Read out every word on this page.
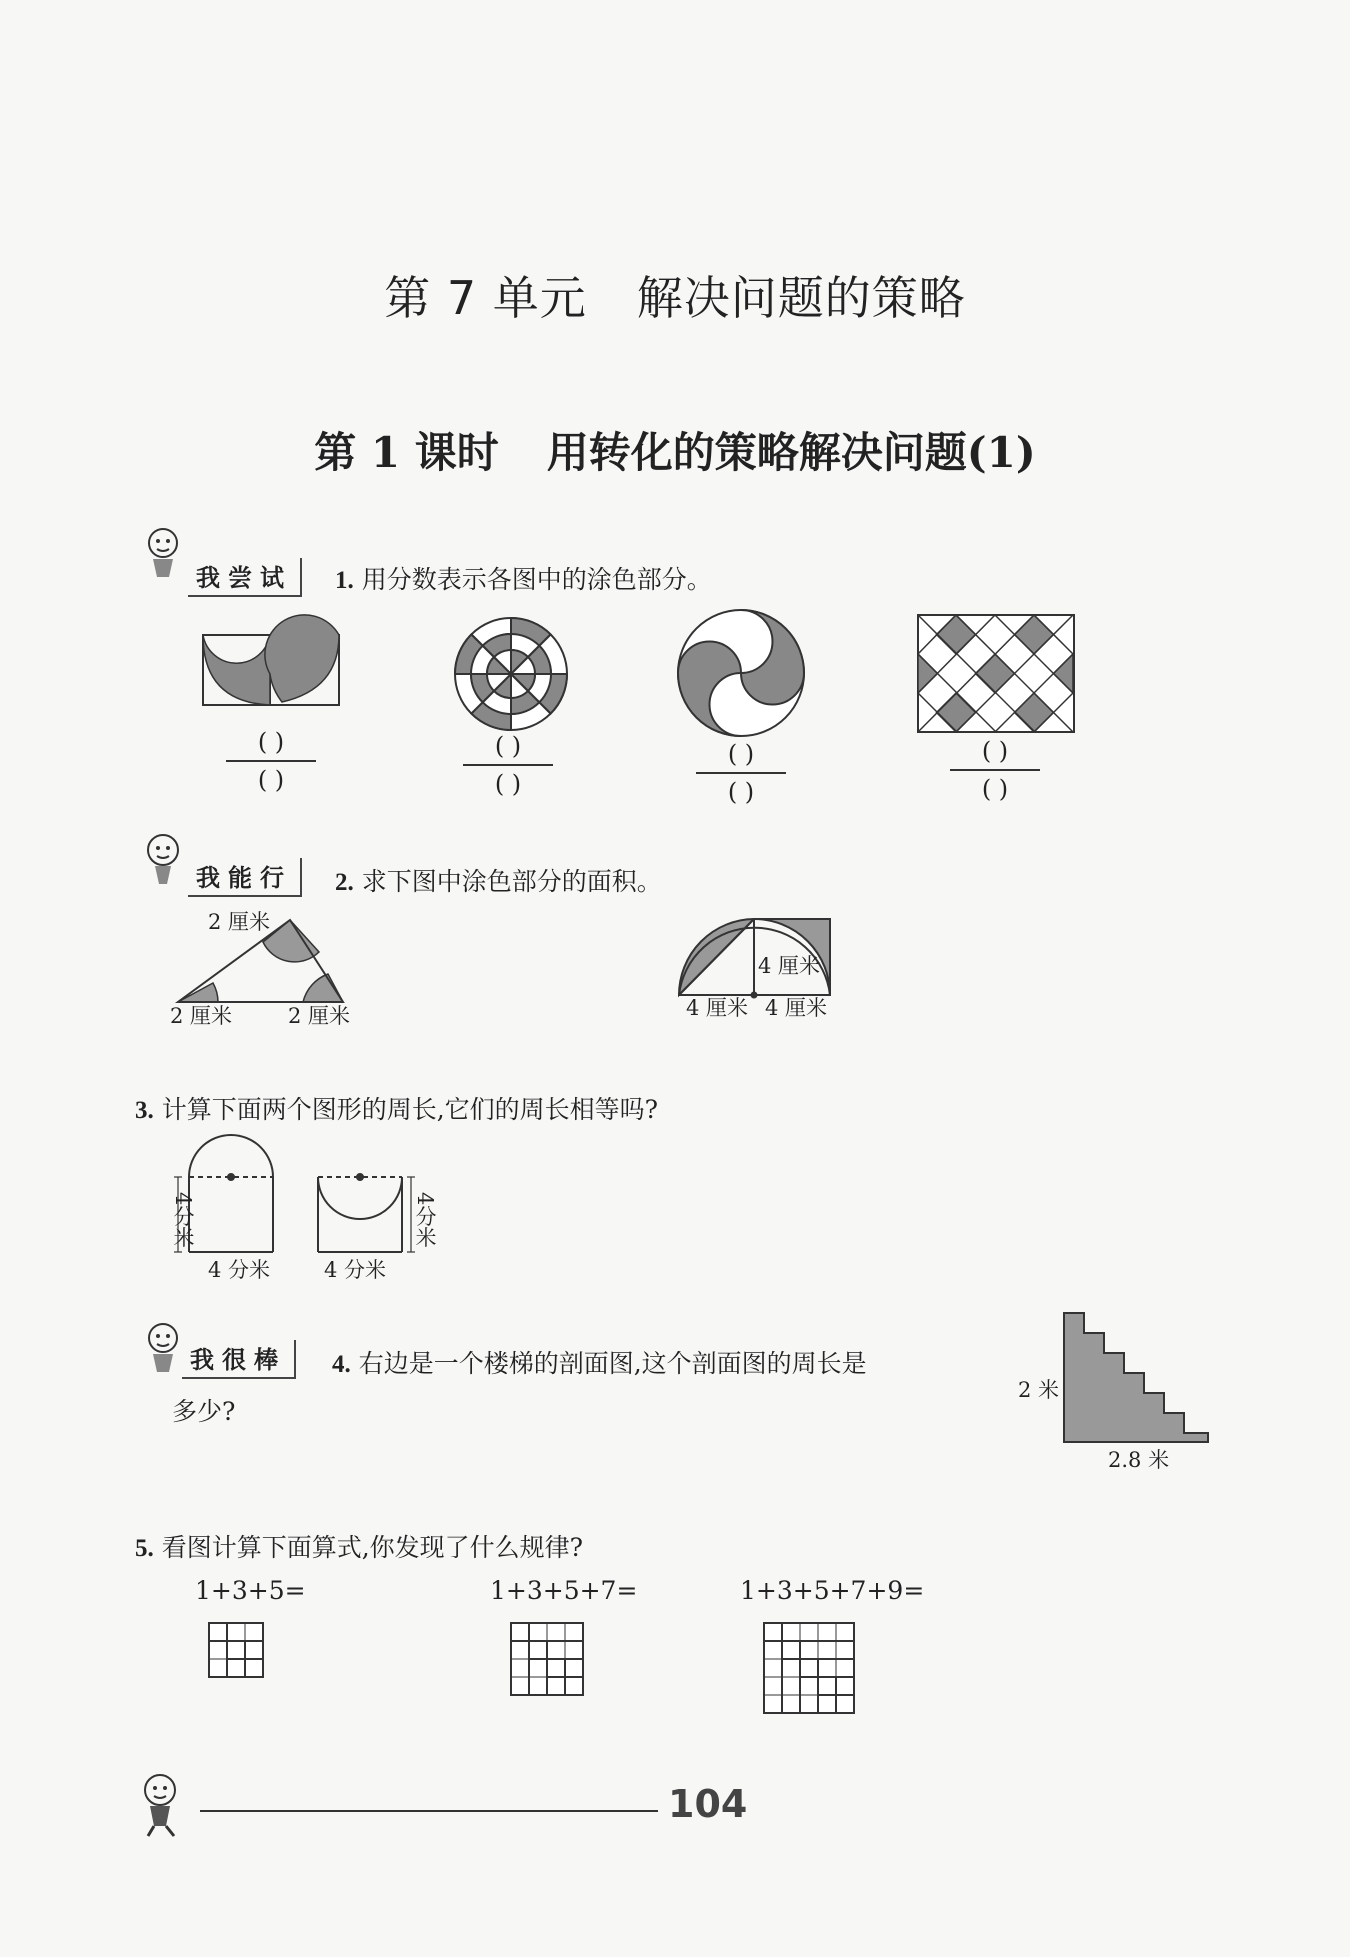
第 7 单元 解决问题的策略
第 1 课时 用转化的策略解决问题(1)
我尝试	1. 用分数表示各图中的涂色部分。
( )
( )
( )
( )
( )
( )
( )
( )
我能行	2. 求下图中涂色部分的面积。
2 厘米
2 厘米	2 厘米
4 厘米
4 厘米 4 厘米
3. 计算下面两个图形的周长,它们的周长相等吗?
4分米
4 分米
4分米
4 分米
我很棒	4. 右边是一个楼梯的剖面图,这个剖面图的周长是
多少?
2 米
2.8 米
5. 看图计算下面算式,你发现了什么规律?
1+3+5=	1+3+5+7=	1+3+5+7+9=
104
